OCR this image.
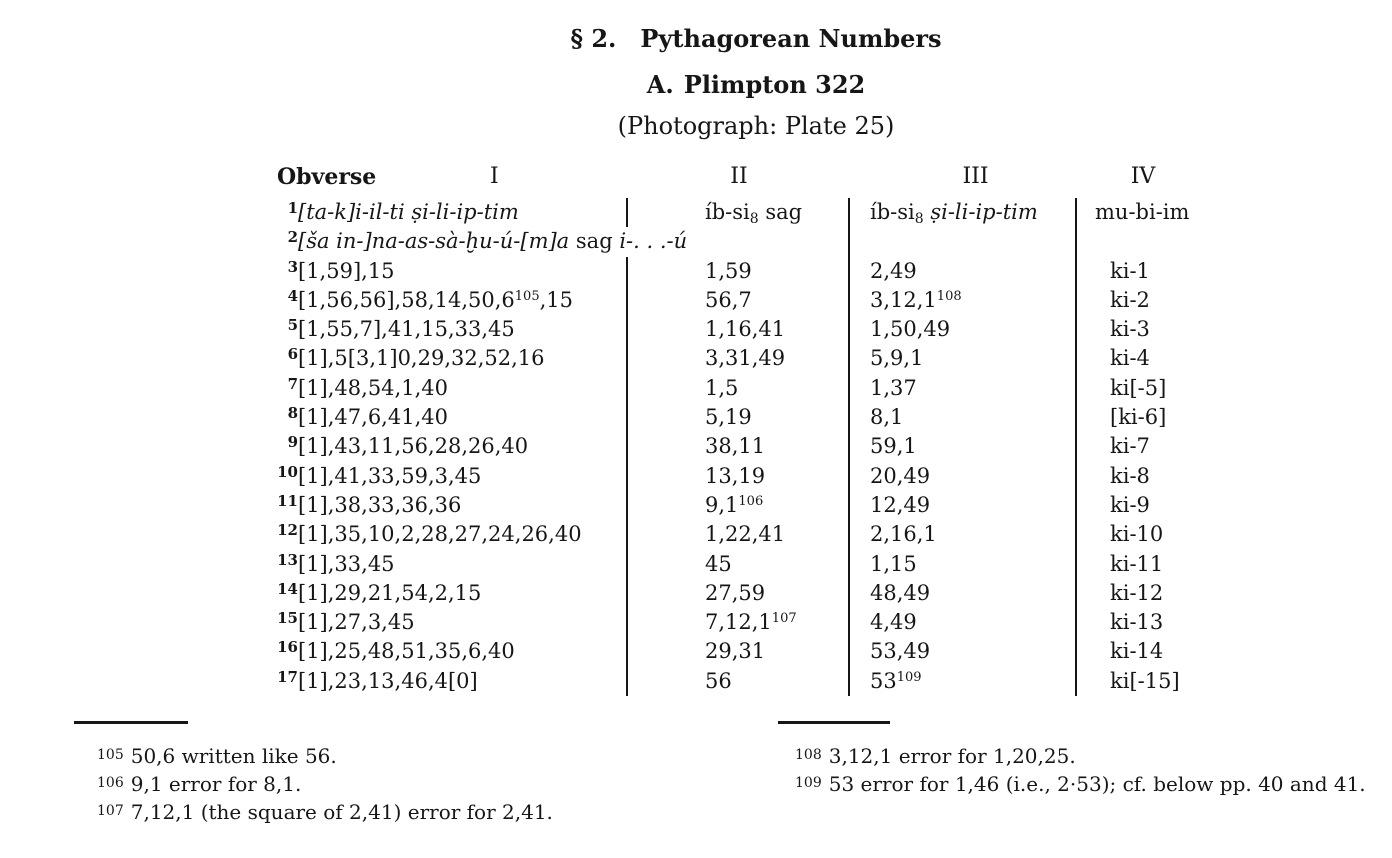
§ 2. Pythagorean Numbers
A. Plimpton 322
(Photograph: Plate 25)
Obverse	I	II	III	IV
1[ta-k]i-il-ti ṣi-li-ip-tim	$íb-si_8$ sag	$íb-si_8$ ṣi-li-ip-tim	mu-bi-im
2[ša in-]na-as-sà-ḫu-ú-[m]a sag i-. . .-ú
3[1,59],15	1,59	2,49	ki-1
4[1,56,56],58,14,50,6$^{105}$,15	56,7	3,12,1$^{108}$	ki-2
5[1,55,7],41,15,33,45	1,16,41	1,50,49	ki-3
6[1],5[3,1]0,29,32,52,16	3,31,49	5,9,1	ki-4
7[1],48,54,1,40	1,5	1,37	ki[-5]
8[1],47,6,41,40	5,19	8,1	[ki-6]
9[1],43,11,56,28,26,40	38,11	59,1	ki-7
10[1],41,33,59,3,45	13,19	20,49	ki-8
11[1],38,33,36,36	$9,1^{106}$	12,49	ki-9
12[1],35,10,2,28,27,24,26,40	1,22,41	2,16,1	ki-10
13[1],33,45	45	1,15	ki-11
14[1],29,21,54,2,15	27,59	48,49	ki-12
15[1],27,3,45	7,12,1$^{107}$	4,49	ki-13
16[1],25,48,51,35,6,40	29,31	53,49	ki-14
17[1],23,13,46,4[0]	56	$53^{109}$	ki[-15]
$^{105}$ 50,6 written like 56.
$^{106}$ 9,1 error for 8,1.
$^{107}$ 7,12,1 (the square of 2,41) error for 2,41.
$^{108}$ 3,12,1 error for 1,20,25.
$^{109}$ 53 error for 1,46 (i.e., 2·53); cf. below pp. 40 and 41.
